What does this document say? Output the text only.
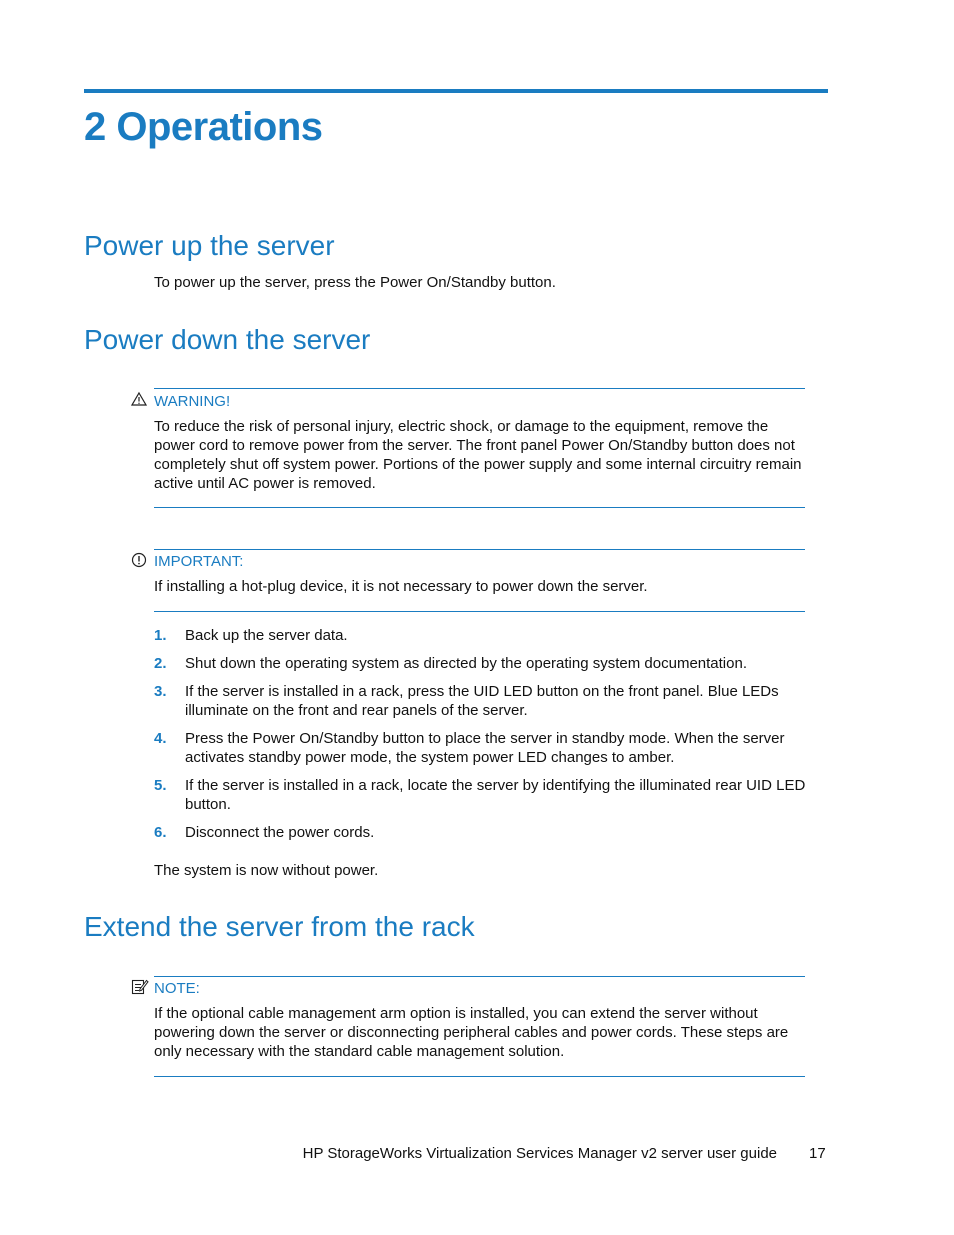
2 Operations
Power up the server

To power up the server, press the Power On/Standby button.

Power down the server
WARNING!

To reduce the risk of personal injury, electric shock, or damage to the equipment, remove the power cord to remove power from the server. The front panel Power On/Standby button does not completely shut off system power. Portions of the power supply and some internal circuitry remain active until AC power is removed.

IMPORTANT:

If installing a hot-plug device, it is not necessary to power down the server.

1.	Back up the server data.
2.	Shut down the operating system as directed by the operating system documentation.
3.	If the server is installed in a rack, press the UID LED button on the front panel. Blue LEDs illuminate on the front and rear panels of the server.
4.	Press the Power On/Standby button to place the server in standby mode. When the server activates standby power mode, the system power LED changes to amber.
5.	If the server is installed in a rack, locate the server by identifying the illuminated rear UID LED button.
6.	Disconnect the power cords.

The system is now without power.

Extend the server from the rack
NOTE:

If the optional cable management arm option is installed, you can extend the server without powering down the server or disconnecting peripheral cables and power cords. These steps are only necessary with the standard cable management solution.

HP StorageWorks Virtualization Services Manager v2 server user guide 17
